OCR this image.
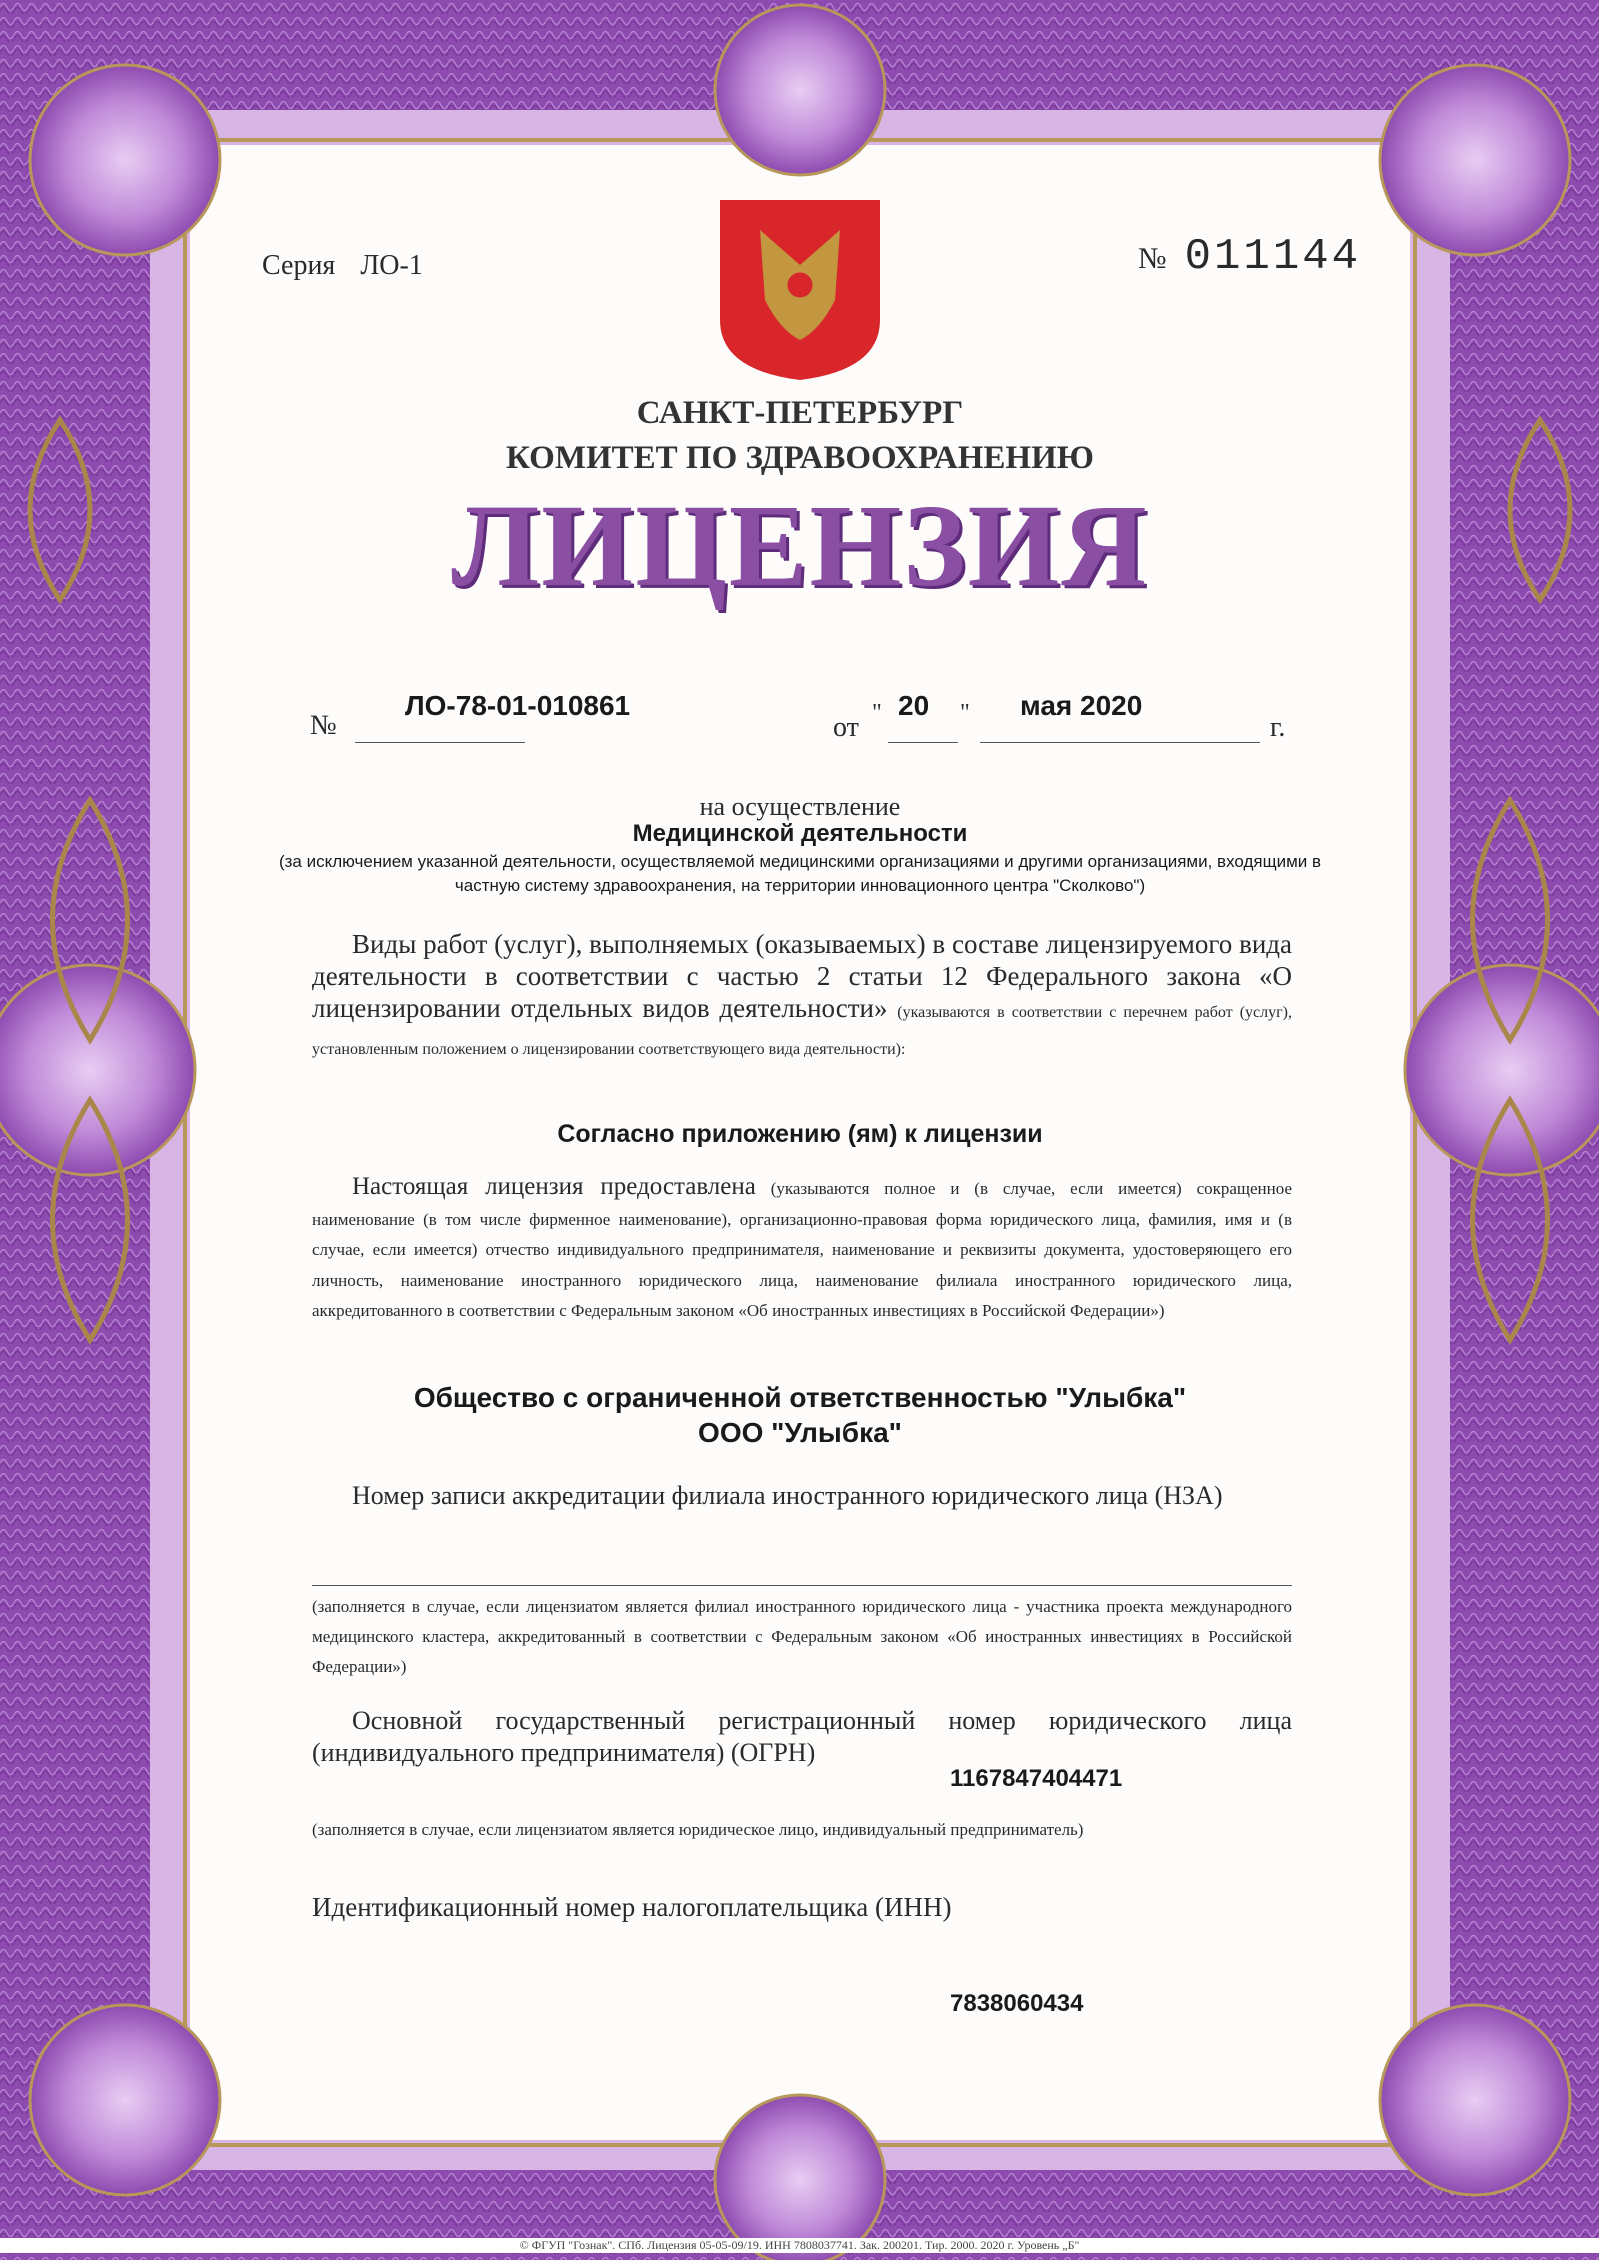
Серия ЛО-1	№ 011144
САНКТ-ПЕТЕРБУРГ
КОМИТЕТ ПО ЗДРАВООХРАНЕНИЮ
ЛИЦЕНЗИЯ
№
ЛО-78-01-010861
от " 20 " мая 2020
г.
на осуществление
Медицинской деятельности
(за исключением указанной деятельности, осуществляемой медицинскими организациями и другими организациями, входящими в частную систему здравоохранения, на территории инновационного центра "Сколково")
Виды работ (услуг), выполняемых (оказываемых) в составе лицензируемого вида деятельности в соответствии с частью 2 статьи 12 Федерального закона «О лицензировании отдельных видов деятельности» (указываются в соответствии с перечнем работ (услуг), установленным положением о лицензировании соответствующего вида деятельности):
Согласно приложению (ям) к лицензии
Настоящая лицензия предоставлена (указываются полное и (в случае, если имеется) сокращенное наименование (в том числе фирменное наименование), организационно-правовая форма юридического лица, фамилия, имя и (в случае, если имеется) отчество индивидуального предпринимателя, наименование и реквизиты документа, удостоверяющего его личность, наименование иностранного юридического лица, наименование филиала иностранного юридического лица, аккредитованного в соответствии с Федеральным законом «Об иностранных инвестициях в Российской Федерации»)
Общество с ограниченной ответственностью "Улыбка"
ООО "Улыбка"
Номер записи аккредитации филиала иностранного юридического лица (НЗА)
(заполняется в случае, если лицензиатом является филиал иностранного юридического лица - участника проекта международного медицинского кластера, аккредитованный в соответствии с Федеральным законом «Об иностранных инвестициях в Российской Федерации»)
Основной государственный регистрационный номер юридического лица (индивидуального предпринимателя) (ОГРН)
1167847404471
(заполняется в случае, если лицензиатом является юридическое лицо, индивидуальный предприниматель)
Идентификационный номер налогоплательщика (ИНН)
7838060434
© ФГУП "Гознак". СПб. Лицензия 05-05-09/19. ИНН 7808037741. Зак. 200201. Тир. 2000. 2020 г. Уровень „Б"
